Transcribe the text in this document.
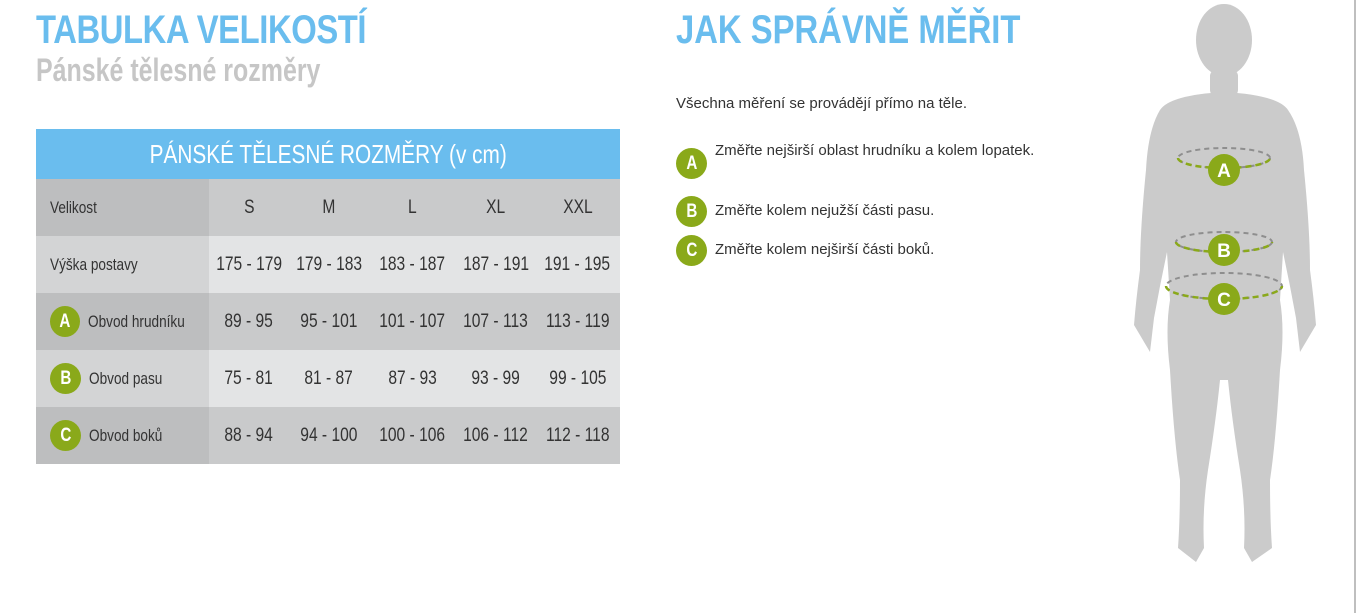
TABULKA VELIKOSTÍ
Pánské tělesné rozměry
PÁNSKÉ TĚLESNÉ ROZMĚRY (v cm)					
Velikost	S	M	L	XL	XXL
Výška postavy	175 - 179	179 - 183	183 - 187	187 - 191	191 - 195

A Obvod hrudníku	89 - 95	95 - 101	101 - 107	107 - 113	113 - 119

B Obvod pasu	75 - 81	81 - 87	87 - 93	93 - 99	99 - 105

C Obvod boků	88 - 94	94 - 100	100 - 106	106 - 112	112 - 118
JAK SPRÁVNĚ MĚŘIT
Všechna měření se provádějí přímo na těle.
A
Změřte nejširší oblast hrudníku a kolem lopatek.
B	Změřte kolem nejužší části pasu.
C	Změřte kolem nejširší části boků.
A
B
C
